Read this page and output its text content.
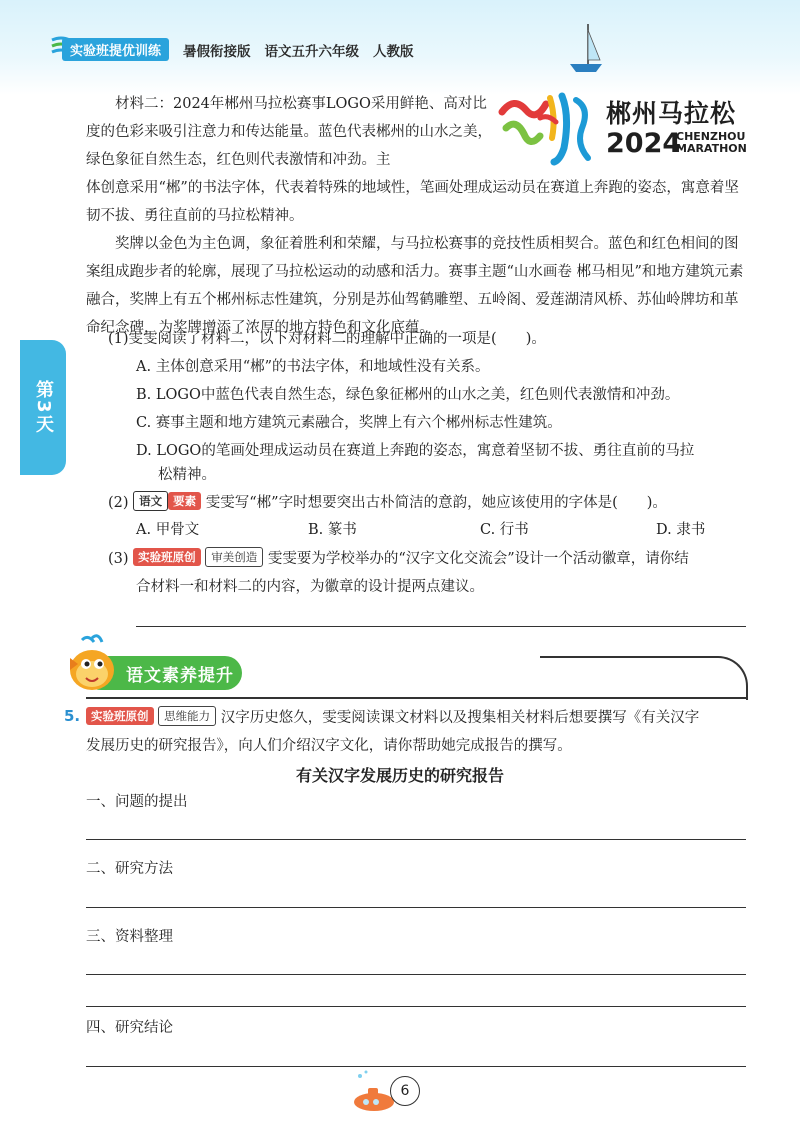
实验班提优训练	暑假衔接版 语文五升六年级 人教版
第3天
郴州马拉松
2024
CHENZHOU
MARATHON
材料二：2024年郴州马拉松赛事LOGO采用鲜艳、高对比度的色彩来吸引注意力和传达能量。蓝色代表郴州的山水之美，绿色象征自然生态，红色则代表激情和冲劲。主
体创意采用“郴”的书法字体，代表着特殊的地域性，笔画处理成运动员在赛道上奔跑的姿态，寓意着坚韧不拔、勇往直前的马拉松精神。
奖牌以金色为主色调，象征着胜利和荣耀，与马拉松赛事的竞技性质相契合。蓝色和红色相间的图案组成跑步者的轮廓，展现了马拉松运动的动感和活力。赛事主题“山水画卷 郴马相见”和地方建筑元素融合，奖牌上有五个郴州标志性建筑，分别是苏仙驾鹤雕塑、五岭阁、爱莲湖清风桥、苏仙岭牌坊和革命纪念碑，为奖牌增添了浓厚的地方特色和文化底蕴。
(1)雯雯阅读了材料二，以下对材料二的理解中正确的一项是(　　)。
A. 主体创意采用“郴”的书法字体，和地域性没有关系。
B. LOGO中蓝色代表自然生态，绿色象征郴州的山水之美，红色则代表激情和冲劲。
C. 赛事主题和地方建筑元素融合，奖牌上有六个郴州标志性建筑。
D. LOGO的笔画处理成运动员在赛道上奔跑的姿态，寓意着坚韧不拔、勇往直前的马拉
松精神。
(2) 语文 要素 雯雯写“郴”字时想要突出古朴简洁的意韵，她应该使用的字体是(　　)。
A. 甲骨文	B. 篆书	C. 行书	D. 隶书
(3) 实验班原创 审美创造 雯雯要为学校举办的“汉字文化交流会”设计一个活动徽章，请你结
合材料一和材料二的内容，为徽章的设计提两点建议。
语文素养提升
5. 实验班原创 思维能力 汉字历史悠久，雯雯阅读课文材料以及搜集相关材料后想要撰写《有关汉字
发展历史的研究报告》，向人们介绍汉字文化，请你帮助她完成报告的撰写。
有关汉字发展历史的研究报告
一、问题的提出
二、研究方法
三、资料整理
四、研究结论
6
